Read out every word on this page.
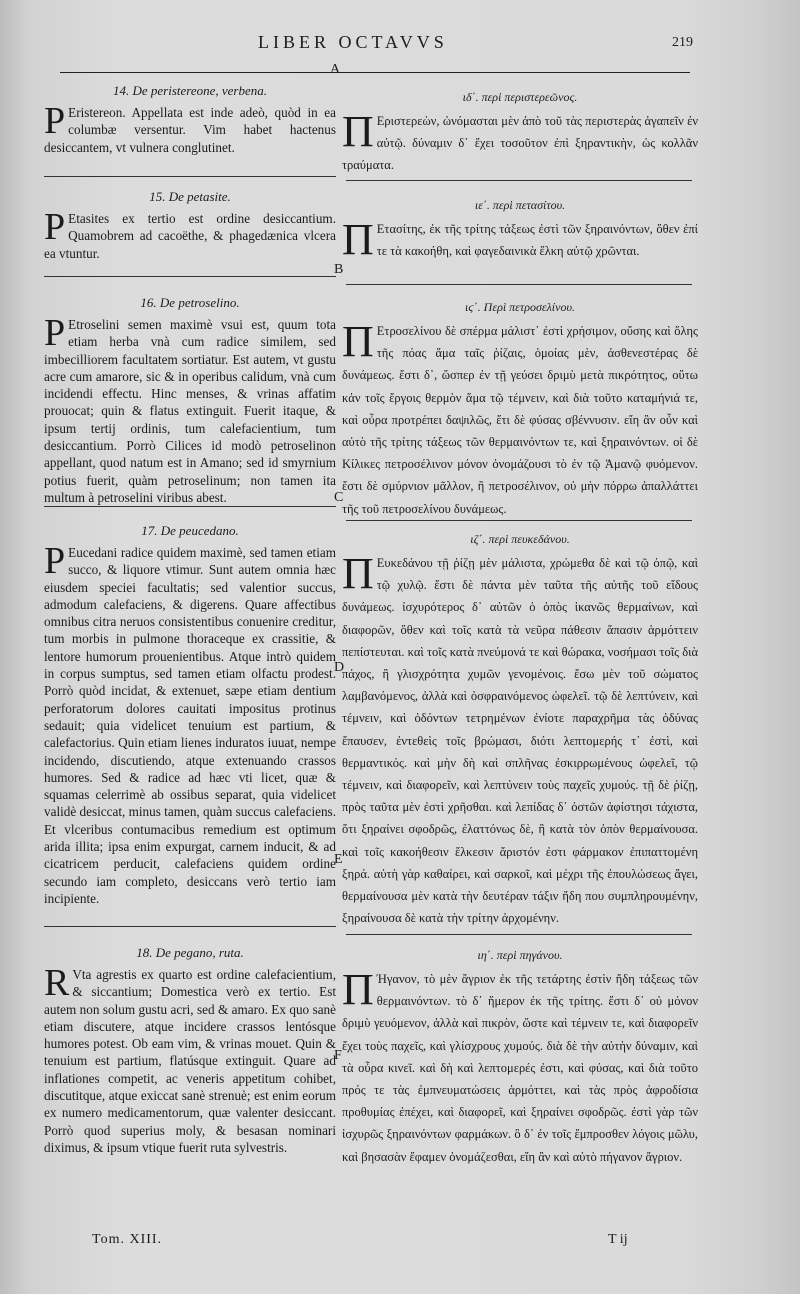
LIBER OCTAVVS	219
A
B
C
D
E
F
14. De peristereone, verbena.
P Eristereon. Appellata est inde adeò, quòd in ea columbæ versentur. Vim habet hactenus desiccantem, vt vulnera conglutinet.
15. De petasite.
P Etasites ex tertio est ordine desiccantium. Quamobrem ad cacoëthe, & phagedænica vlcera ea vtuntur.
16. De petroselino.
P Etroselini semen maximè vsui est, quum tota etiam herba vnà cum radice similem, sed imbecilliorem facultatem sortiatur. Est autem, vt gustu acre cum amarore, sic & in operibus calidum, vnà cum incidendi effectu. Hinc menses, & vrinas affatim prouocat; quin & flatus extinguit. Fuerit itaque, & ipsum tertij ordinis, tum calefacientium, tum desiccantium. Porrò Cilices id modò petroselinon appellant, quod natum est in Amano; sed id smyrnium potius fuerit, quàm petroselinum; non tamen ita multum à petroselini viribus abest.
17. De peucedano.
P Eucedani radice quidem maximè, sed tamen etiam succo, & liquore vtimur. Sunt autem omnia hæc eiusdem speciei facultatis; sed valentior succus, admodum calefaciens, & digerens. Quare affectibus omnibus citra neruos consistentibus conuenire creditur, tum morbis in pulmone thoraceque ex crassitie, & lentore humorum prouenientibus. Atque intrò quidem in corpus sumptus, sed tamen etiam olfactu prodest. Porrò quòd incidat, & extenuet, sæpe etiam dentium perforatorum dolores cauitati impositus protinus sedauit; quia videlicet tenuium est partium, & calefactorius. Quin etiam lienes induratos iuuat, nempe incidendo, discutiendo, atque extenuando crassos humores. Sed & radice ad hæc vti licet, quæ & squamas celerrimè ab ossibus separat, quia videlicet validè desiccat, minus tamen, quàm succus calefaciens. Et vlceribus contumacibus remedium est optimum arida illita; ipsa enim expurgat, carnem inducit, & ad cicatricem perducit, calefaciens quidem ordine secundo iam completo, desiccans verò tertio iam incipiente.
18. De pegano, ruta.
R Vta agrestis ex quarto est ordine calefacientium, & siccantium; Domestica verò ex tertio. Est autem non solum gustu acri, sed & amaro. Ex quo sanè etiam discutere, atque incidere crassos lentósque humores potest. Ob eam vim, & vrinas mouet. Quin & tenuium est partium, flatúsque extinguit. Quare ad inflationes competit, ac veneris appetitum cohibet, discutitque, atque exiccat sanè strenuè; est enim eorum ex numero medicamentorum, quæ valenter desiccant. Porrò quod superius moly, & besasan nominari diximus, & ipsum vtique fuerit ruta sylvestris.
ιδ΄. περὶ περιστερεῶνος.
Π Εριστερεὼν, ὠνόμασται μὲν ἀπὸ τοῦ τὰς περιστερὰς ἀγαπεῖν ἐν αὐτῷ. δύναμιν δ᾽ ἔχει τοσοῦτον ἐπὶ ξηραντικὴν, ὡς κολλᾶν τραύματα.
ιε΄. περὶ πετασίτου.
Π Ετασίτης, ἐκ τῆς τρίτης τάξεως ἐστὶ τῶν ξηραινόντων, ὅθεν ἐπί τε τὰ κακοήθη, καὶ φαγεδαινικὰ ἕλκη αὐτῷ χρῶνται.
ιϛ΄. Περὶ πετροσελίνου.
Π Ετροσελίνου δὲ σπέρμα μάλιστ᾽ ἐστὶ χρήσιμον, οὔσης καὶ ὅλης τῆς πόας ἅμα ταῖς ῥίζαις, ὁμοίας μὲν, ἀσθενεστέρας δὲ δυνάμεως. ἔστι δ᾽, ὥσπερ ἐν τῇ γεύσει δριμὺ μετὰ πικρότητος, οὕτω κἀν τοῖς ἔργοις θερμὸν ἅμα τῷ τέμνειν, καὶ διὰ τοῦτο καταμήνιά τε, καὶ οὖρα προτρέπει δαψιλῶς, ἔτι δὲ φύσας σβέννυσιν. εἴη ἂν οὖν καὶ αὐτὸ τῆς τρίτης τάξεως τῶν θερμαινόντων τε, καὶ ξηραινόντων. οἱ δὲ Κίλικες πετροσέλινον μόνον ὀνομάζουσι τὸ ἐν τῷ Ἀμανῷ φυόμενον. ἔστι δὲ σμύρνιον μᾶλλον, ἢ πετροσέλινον, οὐ μὴν πόρρω ἀπαλλάττει τῆς τοῦ πετροσελίνου δυνάμεως.
ιζ΄. περὶ πευκεδάνου.
Π Ευκεδάνου τῇ ῥίζῃ μὲν μάλιστα, χρώμεθα δὲ καὶ τῷ ὀπῷ, καὶ τῷ χυλῷ. ἔστι δὲ πάντα μὲν ταῦτα τῆς αὐτῆς τοῦ εἴδους δυνάμεως. ἰσχυρότερος δ᾽ αὐτῶν ὁ ὀπὸς ἱκανῶς θερμαίνων, καὶ διαφορῶν, ὅθεν καὶ τοῖς κατὰ τὰ νεῦρα πάθεσιν ἅπασιν ἁρμόττειν πεπίστευται. καὶ τοῖς κατὰ πνεύμονά τε καὶ θώρακα, νοσήμασι τοῖς διὰ πάχος, ἢ γλισχρότητα χυμῶν γενομένοις. ἔσω μὲν τοῦ σώματος λαμβανόμενος, ἀλλὰ καὶ ὀσφραινόμενος ὠφελεῖ. τῷ δὲ λεπτύνειν, καὶ τέμνειν, καὶ ὀδόντων τετρημένων ἐνίοτε παραχρῆμα τὰς ὀδύνας ἔπαυσεν, ἐντεθεὶς τοῖς βρώμασι, διότι λεπτομερής τ᾽ ἐστὶ, καὶ θερμαντικός. καὶ μὴν δὴ καὶ σπλῆνας ἐσκιρρωμένους ὠφελεῖ, τῷ τέμνειν, καὶ διαφορεῖν, καὶ λεπτύνειν τοὺς παχεῖς χυμούς. τῇ δὲ ῥίζῃ, πρὸς ταῦτα μὲν ἐστὶ χρῆσθαι. καὶ λεπίδας δ᾽ ὀστῶν ἀφίστησι τάχιστα, ὅτι ξηραίνει σφοδρῶς, ἐλαττόνως δὲ, ἢ κατὰ τὸν ὀπὸν θερμαίνουσα. καὶ τοῖς κακοήθεσιν ἕλκεσιν ἄριστόν ἐστι φάρμακον ἐπιπαττομένη ξηρά. αὐτὴ γὰρ καθαίρει, καὶ σαρκοῖ, καὶ μέχρι τῆς ἐπουλώσεως ἄγει, θερμαίνουσα μὲν κατὰ τὴν δευτέραν τάξιν ἤδη που συμπληρουμένην, ξηραίνουσα δὲ κατὰ τὴν τρίτην ἀρχομένην.
ιη΄. περὶ πηγάνου.
Π Ήγανον, τὸ μὲν ἄγριον ἐκ τῆς τετάρτης ἐστὶν ἤδη τάξεως τῶν θερμαινόντων. τὸ δ᾽ ἥμερον ἐκ τῆς τρίτης. ἔστι δ᾽ οὐ μόνον δριμὺ γευόμενον, ἀλλὰ καὶ πικρὸν, ὥστε καὶ τέμνειν τε, καὶ διαφορεῖν ἔχει τοὺς παχεῖς, καὶ γλίσχρους χυμούς. διὰ δὲ τὴν αὐτὴν δύναμιν, καὶ τὰ οὖρα κινεῖ. καὶ δὴ καὶ λεπτομερές ἐστι, καὶ φύσας, καὶ διὰ τοῦτο πρός τε τὰς ἐμπνευματώσεις ἁρμόττει, καὶ τὰς πρὸς ἀφροδίσια προθυμίας ἐπέχει, καὶ διαφορεῖ, καὶ ξηραίνει σφοδρῶς. ἐστὶ γὰρ τῶν ἰσχυρῶς ξηραινόντων φαρμάκων. ὃ δ᾽ ἐν τοῖς ἔμπροσθεν λόγοις μῶλυ, καὶ βησασὰν ἔφαμεν ὀνομάζεσθαι, εἴη ἂν καὶ αὐτὸ πήγανον ἄγριον.
Tom. XIII.	T ij
